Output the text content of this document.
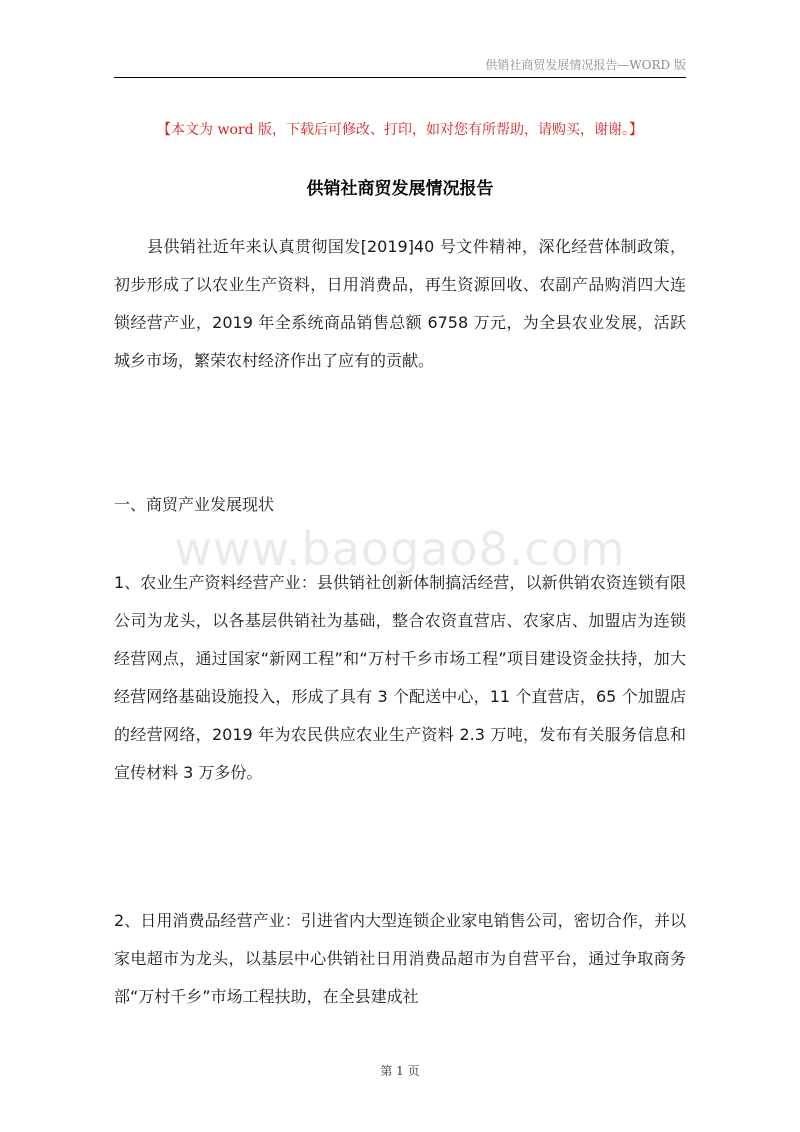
供销社商贸发展情况报告—WORD 版
【本文为 word 版，下载后可修改、打印，如对您有所帮助，请购买，谢谢。】
供销社商贸发展情况报告

县供销社近年来认真贯彻国发[2019]40 号文件精神，深化经营体制政策，初步形成了以农业生产资料，日用消费品，再生资源回收、农副产品购消四大连锁经营产业，2019 年全系统商品销售总额 6758 万元，为全县农业发展，活跃城乡市场，繁荣农村经济作出了应有的贡献。

一、商贸产业发展现状

www.baogao8.com

1、农业生产资料经营产业：县供销社创新体制搞活经营，以新供销农资连锁有限公司为龙头，以各基层供销社为基础，整合农资直营店、农家店、加盟店为连锁经营网点，通过国家“新网工程”和“万村千乡市场工程”项目建设资金扶持，加大经营网络基础设施投入，形成了具有 3 个配送中心，11 个直营店，65 个加盟店的经营网络，2019 年为农民供应农业生产资料 2.3 万吨，发布有关服务信息和宣传材料 3 万多份。

2、日用消费品经营产业：引进省内大型连锁企业家电销售公司，密切合作，并以家电超市为龙头，以基层中心供销社日用消费品超市为自营平台，通过争取商务部“万村千乡”市场工程扶助，在全县建成社

第 1 页
